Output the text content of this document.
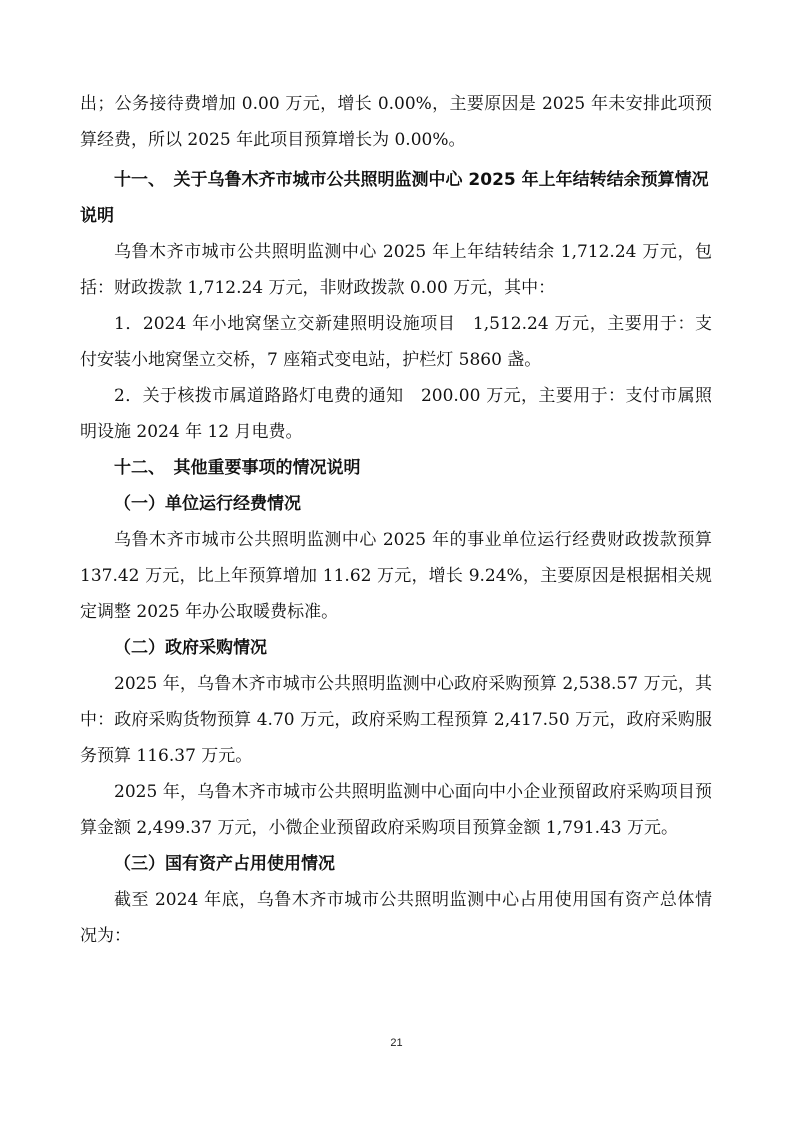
出；公务接待费增加 0.00 万元，增长 0.00%，主要原因是 2025 年未安排此项预算经费，所以 2025 年此项目预算增长为 0.00%。

十一、　关于乌鲁木齐市城市公共照明监测中心 2025 年上年结转结余预算情况说明

乌鲁木齐市城市公共照明监测中心 2025 年上年结转结余 1,712.24 万元，包括：财政拨款 1,712.24 万元，非财政拨款 0.00 万元，其中：

1．2024 年小地窝堡立交新建照明设施项目　1,512.24 万元，主要用于：支付安装小地窝堡立交桥，7 座箱式变电站，护栏灯 5860 盏。

2．关于核拨市属道路路灯电费的通知　200.00 万元，主要用于：支付市属照明设施 2024 年 12 月电费。

十二、　其他重要事项的情况说明

（一）单位运行经费情况

乌鲁木齐市城市公共照明监测中心 2025 年的事业单位运行经费财政拨款预算 137.42 万元，比上年预算增加 11.62 万元，增长 9.24%，主要原因是根据相关规定调整 2025 年办公取暖费标准。

（二）政府采购情况

2025 年，乌鲁木齐市城市公共照明监测中心政府采购预算 2,538.57 万元，其中：政府采购货物预算 4.70 万元，政府采购工程预算 2,417.50 万元，政府采购服务预算 116.37 万元。

2025 年，乌鲁木齐市城市公共照明监测中心面向中小企业预留政府采购项目预算金额 2,499.37 万元，小微企业预留政府采购项目预算金额 1,791.43 万元。

（三）国有资产占用使用情况

截至 2024 年底，乌鲁木齐市城市公共照明监测中心占用使用国有资产总体情况为：

21
